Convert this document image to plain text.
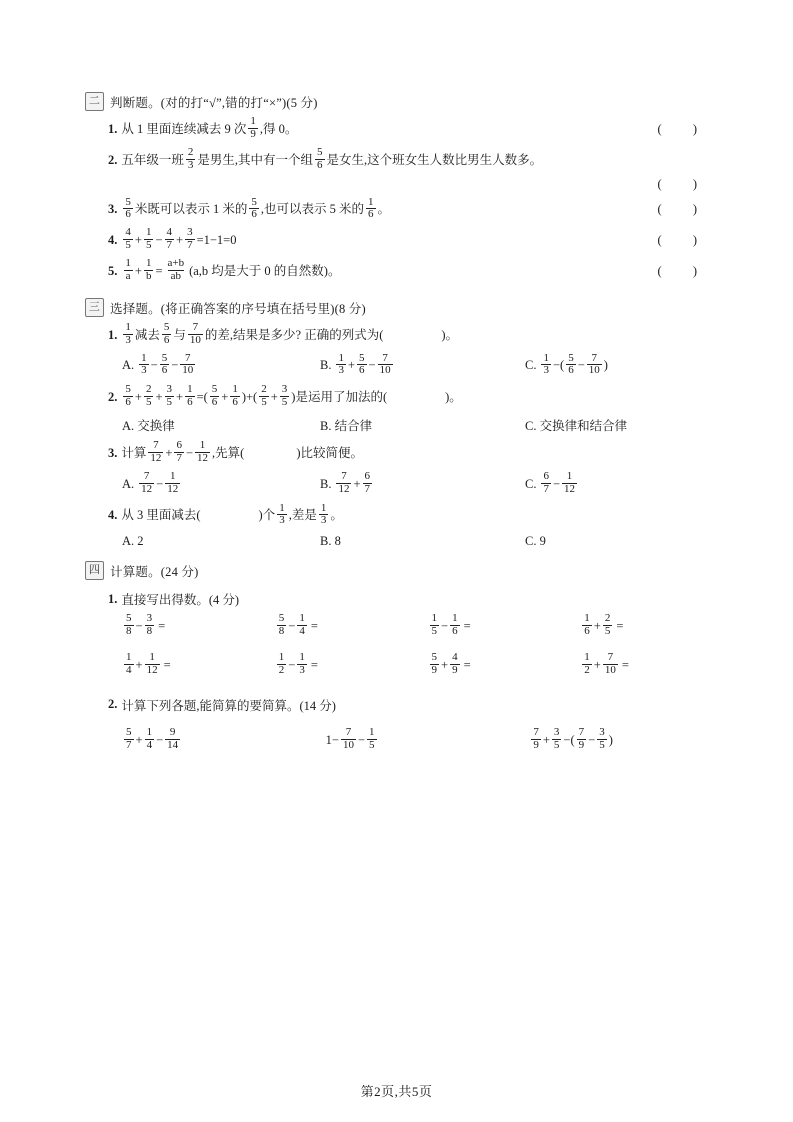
二 判断题。(对的打“√”,错的打“×”)(5 分)
1. 从 1 里面连续减去 9 次 $\frac{1}{9}$ ,得 0。	( )
2. 五年级一班 $\frac{2}{3}$ 是男生,其中有一个组 $\frac{5}{6}$ 是女生,这个班女生人数比男生人数多。
( )
3. $\frac{5}{6}$ 米既可以表示 1 米的 $\frac{5}{6}$ ,也可以表示 5 米的 $\frac{1}{6}$ 。	( )
4. $\frac{4}{5} + \frac{1}{5} - \frac{4}{7} + \frac{3}{7} =1-1=0$	( )
5. $\frac{1}{a} + \frac{1}{b} = \frac{a+b}{ab} (a,b$ 均是大于 0 的自然数)。	( )
三 选择题。(将正确答案的序号填在括号里)(8 分)
1. $\frac{1}{3}$ 减去 $\frac{5}{6}$ 与 $\frac{7}{10}$ 的差,结果是多少? 正确的列式为(	)。
A. $\frac{1}{3} - \frac{5}{6} - \frac{7}{10}$	B. $\frac{1}{3} + \frac{5}{6} - \frac{7}{10}$	C. $\frac{1}{3}$ − ( $\frac{5}{6} - \frac{7}{10}$ )
2. $\frac{5}{6} + \frac{2}{5} + \frac{3}{5} + \frac{1}{6}$ =( $\frac{5}{6} + \frac{1}{6}$ )+( $\frac{2}{5} + \frac{3}{5}$ )是运用了加法的(	)。
A. 交换律	B. 结合律	C. 交换律和结合律
3. 计算 $\frac{7}{12} + \frac{6}{7} - \frac{1}{12}$ ,先算(	)比较简便。
A. $\frac{7}{12} - \frac{1}{12}$	B. $\frac{7}{12} + \frac{6}{7}$	C. $\frac{6}{7} - \frac{1}{12}$
4. 从 3 里面减去(	)个 $\frac{1}{3}$ ,差是 $\frac{1}{3}$ 。
A. 2	B. 8	C. 9
四 计算题。(24 分)
1. 直接写出得数。(4 分)
$\frac{5}{8} - \frac{3}{8}$ =	$\frac{5}{8} - \frac{1}{4}$ =	$\frac{1}{5} - \frac{1}{6}$ =	$\frac{1}{6} + \frac{2}{5}$ =
$\frac{1}{4} + \frac{1}{12}$ =	$\frac{1}{2} - \frac{1}{3}$ =	$\frac{5}{9} + \frac{4}{9}$ =	$\frac{1}{2} + \frac{7}{10}$ =
2. 计算下列各题,能简算的要简算。(14 分)
$\frac{5}{7} + \frac{1}{4} - \frac{9}{14}$	$1- \frac{7}{10} - \frac{1}{5}$	$\frac{7}{9} + \frac{3}{5}$ −( $\frac{7}{9} - \frac{3}{5}$ )
第2页,共5页
